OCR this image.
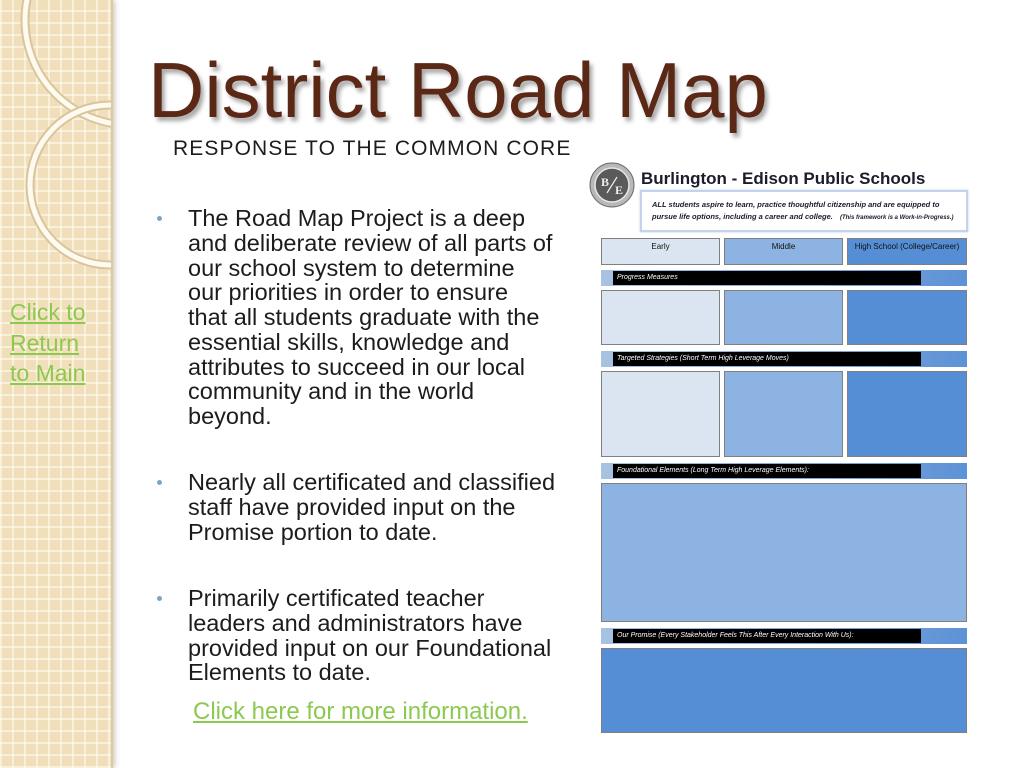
Click to Return to Main
District Road Map
RESPONSE TO THE COMMON CORE
The Road Map Project is a deep
and deliberate review of all parts of
our school system to determine
our priorities in order to ensure
that all students graduate with the
essential skills, knowledge and
attributes to succeed in our local
community and in the world
beyond.
Nearly all certificated and classified
staff have provided input on the
Promise portion to date.
Primarily certificated teacher
leaders and administrators have
provided input on our Foundational
Elements to date.
Click here for more information.
B
E
Burlington - Edison Public Schools
ALL students aspire to learn, practice thoughtful citizenship and are equipped to pursue life options, including a career and college. (This framework is a Work-in-Progress.)
Early	Middle	High School (College/Career)
Progress Measures
Targeted Strategies (Short Term High Leverage Moves)
Foundational Elements (Long Term High Leverage Elements):
Our Promise (Every Stakeholder Feels This After Every Interaction With Us):
